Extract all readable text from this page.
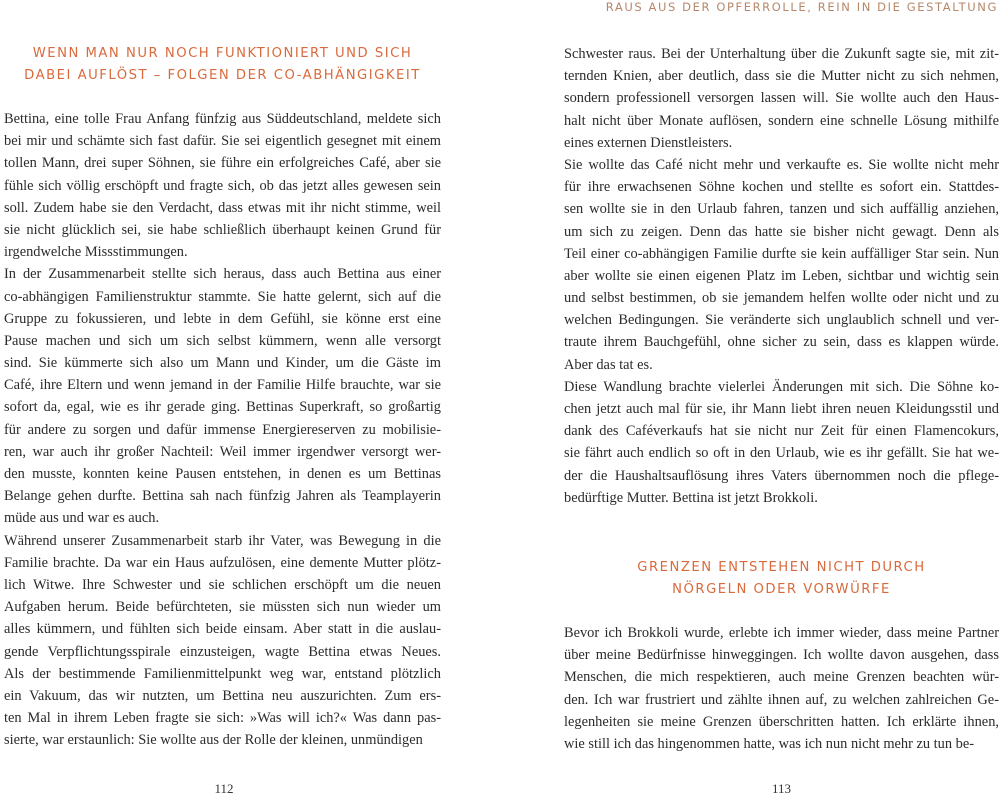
RAUS AUS DER OPFERROLLE, REIN IN DIE GESTALTUNG
WENN MAN NUR NOCH FUNKTIONIERT UND SICH
DABEI AUFLÖST – FOLGEN DER CO-ABHÄNGIGKEIT
Bettina, eine tolle Frau Anfang fünfzig aus Süddeutschland, meldete sich
bei mir und schämte sich fast dafür. Sie sei eigentlich gesegnet mit einem
tollen Mann, drei super Söhnen, sie führe ein erfolgreiches Café, aber sie
fühle sich völlig erschöpft und fragte sich, ob das jetzt alles gewesen sein
soll. Zudem habe sie den Verdacht, dass etwas mit ihr nicht stimme, weil
sie nicht glücklich sei, sie habe schließlich überhaupt keinen Grund für
irgendwelche Missstimmungen.
In der Zusammenarbeit stellte sich heraus, dass auch Bettina aus einer
co-abhängigen Familienstruktur stammte. Sie hatte gelernt, sich auf die
Gruppe zu fokussieren, und lebte in dem Gefühl, sie könne erst eine
Pause machen und sich um sich selbst kümmern, wenn alle versorgt
sind. Sie kümmerte sich also um Mann und Kinder, um die Gäste im
Café, ihre Eltern und wenn jemand in der Familie Hilfe brauchte, war sie
sofort da, egal, wie es ihr gerade ging. Bettinas Superkraft, so großartig
für andere zu sorgen und dafür immense Energiereserven zu mobilisie-
ren, war auch ihr großer Nachteil: Weil immer irgendwer versorgt wer-
den musste, konnten keine Pausen entstehen, in denen es um Bettinas
Belange gehen durfte. Bettina sah nach fünfzig Jahren als Teamplayerin
müde aus und war es auch.
Während unserer Zusammenarbeit starb ihr Vater, was Bewegung in die
Familie brachte. Da war ein Haus aufzulösen, eine demente Mutter plötz-
lich Witwe. Ihre Schwester und sie schlichen erschöpft um die neuen
Aufgaben herum. Beide befürchteten, sie müssten sich nun wieder um
alles kümmern, und fühlten sich beide einsam. Aber statt in die auslau-
gende Verpflichtungsspirale einzusteigen, wagte Bettina etwas Neues.
Als der bestimmende Familienmittelpunkt weg war, entstand plötzlich
ein Vakuum, das wir nutzten, um Bettina neu auszurichten. Zum ers-
ten Mal in ihrem Leben fragte sie sich: »Was will ich?« Was dann pas-
sierte, war erstaunlich: Sie wollte aus der Rolle der kleinen, unmündigen
112
Schwester raus. Bei der Unterhaltung über die Zukunft sagte sie, mit zit-
ternden Knien, aber deutlich, dass sie die Mutter nicht zu sich nehmen,
sondern professionell versorgen lassen will. Sie wollte auch den Haus-
halt nicht über Monate auflösen, sondern eine schnelle Lösung mithilfe
eines externen Dienstleisters.
Sie wollte das Café nicht mehr und verkaufte es. Sie wollte nicht mehr
für ihre erwachsenen Söhne kochen und stellte es sofort ein. Stattdes-
sen wollte sie in den Urlaub fahren, tanzen und sich auffällig anziehen,
um sich zu zeigen. Denn das hatte sie bisher nicht gewagt. Denn als
Teil einer co-abhängigen Familie durfte sie kein auffälliger Star sein. Nun
aber wollte sie einen eigenen Platz im Leben, sichtbar und wichtig sein
und selbst bestimmen, ob sie jemandem helfen wollte oder nicht und zu
welchen Bedingungen. Sie veränderte sich unglaublich schnell und ver-
traute ihrem Bauchgefühl, ohne sicher zu sein, dass es klappen würde.
Aber das tat es.
Diese Wandlung brachte vielerlei Änderungen mit sich. Die Söhne ko-
chen jetzt auch mal für sie, ihr Mann liebt ihren neuen Kleidungsstil und
dank des Caféverkaufs hat sie nicht nur Zeit für einen Flamencokurs,
sie fährt auch endlich so oft in den Urlaub, wie es ihr gefällt. Sie hat we-
der die Haushaltsauflösung ihres Vaters übernommen noch die pflege-
bedürftige Mutter. Bettina ist jetzt Brokkoli.
GRENZEN ENTSTEHEN NICHT DURCH
NÖRGELN ODER VORWÜRFE
Bevor ich Brokkoli wurde, erlebte ich immer wieder, dass meine Partner
über meine Bedürfnisse hinweggingen. Ich wollte davon ausgehen, dass
Menschen, die mich respektieren, auch meine Grenzen beachten wür-
den. Ich war frustriert und zählte ihnen auf, zu welchen zahlreichen Ge-
legenheiten sie meine Grenzen überschritten hatten. Ich erklärte ihnen,
wie still ich das hingenommen hatte, was ich nun nicht mehr zu tun be-
113
